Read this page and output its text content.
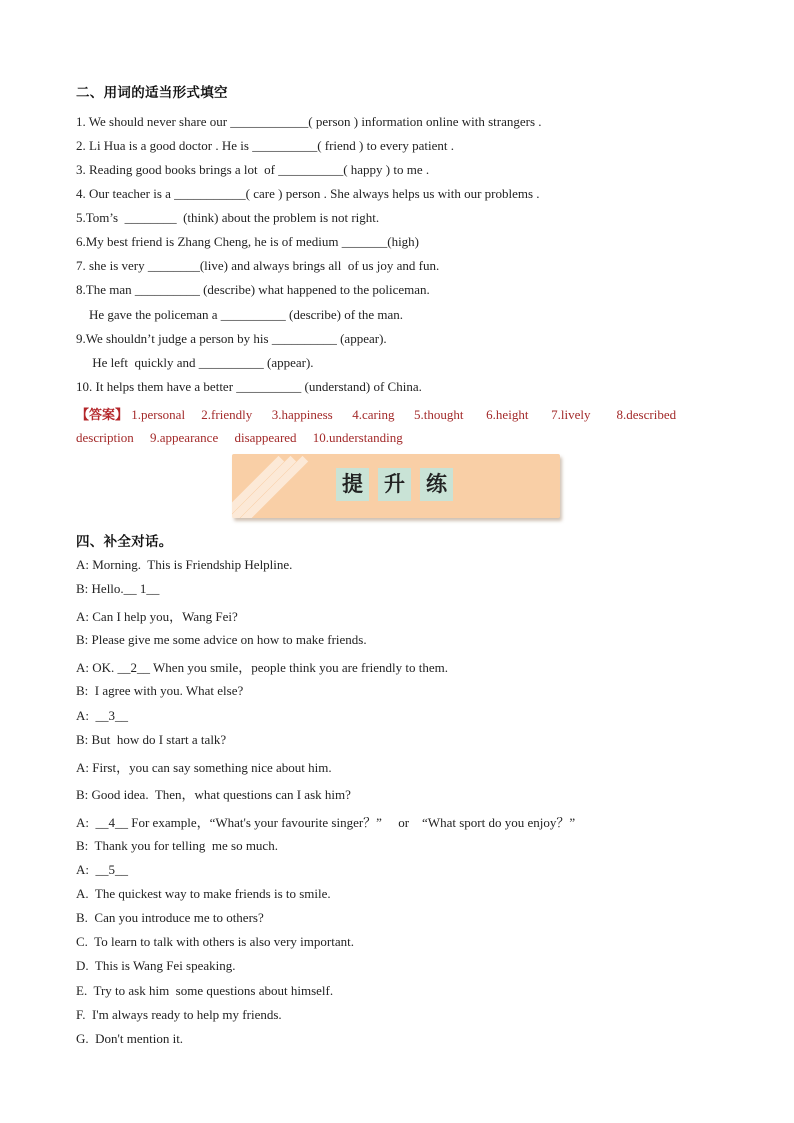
二、用词的适当形式填空
1. We should never share our ____________( person ) information online with strangers .
2. Li Hua is a good doctor . He is __________( friend ) to every patient .
3. Reading good books brings a lot  of __________( happy ) to me .
4. Our teacher is a ___________( care ) person . She always helps us with our problems .
5.Tom’s  ________  (think) about the problem is not right.
6.My best friend is Zhang Cheng, he is of medium _______(high)
7. she is very ________(live) and always brings all  of us joy and fun.
8.The man __________ (describe) what happened to the policeman.
He gave the policeman a __________ (describe) of the man.
9.We shouldn’t judge a person by his __________ (appear).
He left  quickly and __________ (appear).
10. It helps them have a better __________ (understand) of China.
【答案】 1.personal     2.friendly      3.happiness      4.caring      5.thought       6.height       7.lively        8.described
description     9.appearance     disappeared     10.understanding
提 升 练
四、补全对话。
A: Morning.  This is Friendship Helpline.
B: Hello.__ 1__
A: Can I help you，Wang Fei?
B: Please give me some advice on how to make friends.
A: OK. __2__ When you smile，people think you are friendly to them.
B:  I agree with you. What else?
A:  __3__
B: But  how do I start a talk?
A: First，you can say something nice about him.
B: Good idea.  Then，what questions can I ask him?
A:  __4__ For example，“What's your favourite singer？”     or    “What sport do you enjoy？”
B:  Thank you for telling  me so much.
A:  __5__
A.  The quickest way to make friends is to smile.
B.  Can you introduce me to others?
C.  To learn to talk with others is also very important.
D.  This is Wang Fei speaking.
E.  Try to ask him  some questions about himself.
F.  I'm always ready to help my friends.
G.  Don't mention it.
